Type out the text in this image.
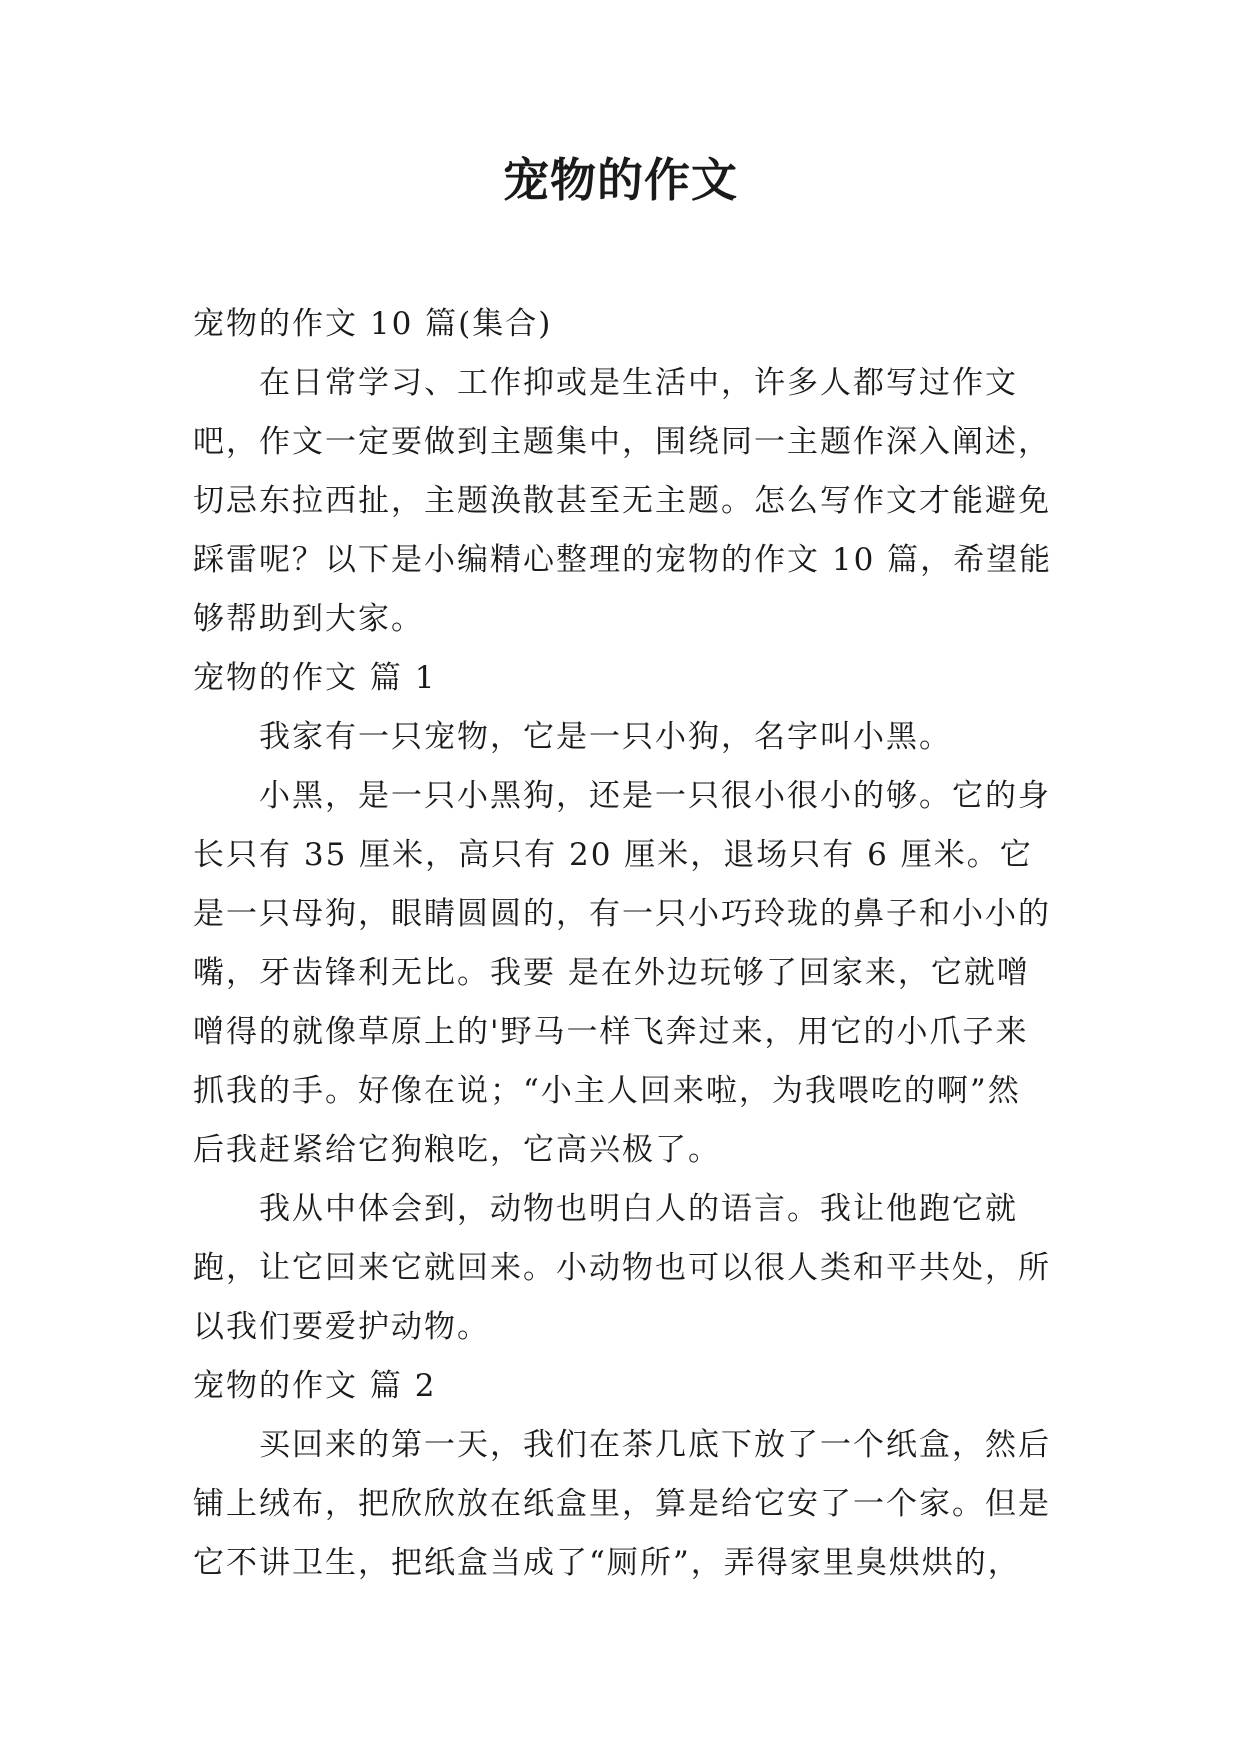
宠物的作文

宠物的作文 10 篇(集合)

在日常学习、工作抑或是生活中，许多人都写过作文吧，作文一定要做到主题集中，围绕同一主题作深入阐述，切忌东拉西扯，主题涣散甚至无主题。怎么写作文才能避免踩雷呢？以下是小编精心整理的宠物的作文 10 篇，希望能够帮助到大家。

宠物的作文 篇 1

我家有一只宠物，它是一只小狗，名字叫小黑。

小黑，是一只小黑狗，还是一只很小很小的够。它的身长只有 35 厘米，高只有 20 厘米，退场只有 6 厘米。它是一只母狗，眼睛圆圆的，有一只小巧玲珑的鼻子和小小的嘴，牙齿锋利无比。我要 是在外边玩够了回家来，它就噌噌得的就像草原上的'野马一样飞奔过来，用它的小爪子来抓我的手。好像在说；“小主人回来啦，为我喂吃的啊”然后我赶紧给它狗粮吃，它高兴极了。

我从中体会到，动物也明白人的语言。我让他跑它就跑，让它回来它就回来。小动物也可以很人类和平共处，所以我们要爱护动物。

宠物的作文 篇 2

买回来的第一天，我们在茶几底下放了一个纸盒，然后铺上绒布，把欣欣放在纸盒里，算是给它安了一个家。但是它不讲卫生，把纸盒当成了“厕所”，弄得家里臭烘烘的，
